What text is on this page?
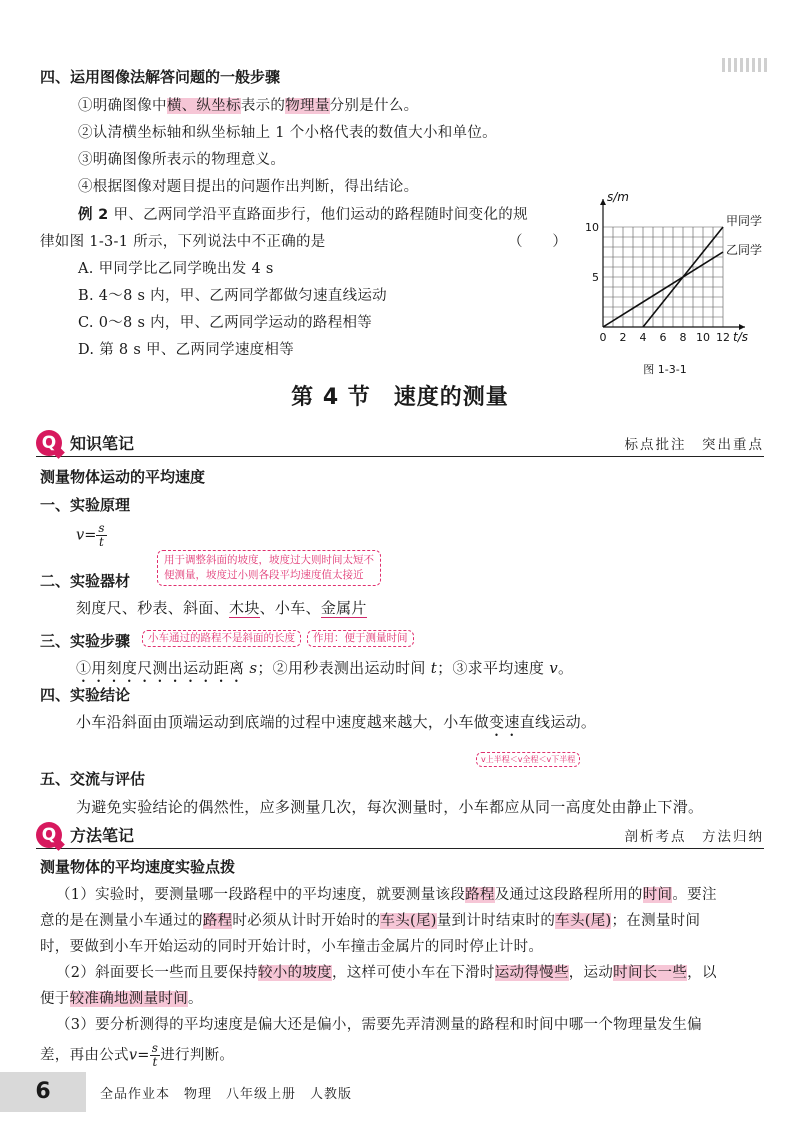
四、运用图像法解答问题的一般步骤
①明确图像中横、纵坐标表示的物理量分别是什么。
②认清横坐标轴和纵坐标轴上 1 个小格代表的数值大小和单位。
③明确图像所表示的物理意义。
④根据图像对题目提出的问题作出判断，得出结论。
例 2 甲、乙两同学沿平直路面步行，他们运动的路程随时间变化的规
律如图 1-3-1 所示，下列说法中不正确的是	（　　）
A. 甲同学比乙同学晚出发 4 s
B. 4～8 s 内，甲、乙两同学都做匀速直线运动
C. 0～8 s 内，甲、乙两同学运动的路程相等
D. 第 8 s 甲、乙两同学速度相等
0 2 4 6 8 10 12
5
10
s/m
t/s
甲同学
乙同学
图 1-3-1
第 4 节　速度的测量
Q 知识笔记	标点批注　突出重点
测量物体运动的平均速度
一、实验原理
$v= \frac{s}{t}$
用于调整斜面的坡度，坡度过大则时间太短不
便测量，坡度过小则各段平均速度值太接近
二、实验器材
刻度尺、秒表、斜面、木块、小车、金属片
三、实验步骤	小车通过的路程不是斜面的长度	作用：便于测量时间
①用刻度尺测出运动距离 s；②用秒表测出运动时间 t；③求平均速度 v。
四、实验结论
小车沿斜面由顶端运动到底端的过程中速度越来越大，小车做变速直线运动。
v上半程＜v全程＜v下半程
五、交流与评估
为避免实验结论的偶然性，应多测量几次，每次测量时，小车都应从同一高度处由静止下滑。
Q 方法笔记	剖析考点　方法归纳
测量物体的平均速度实验点拨
（1）实验时，要测量哪一段路程中的平均速度，就要测量该段路程及通过这段路程所用的时间。要注
意的是在测量小车通过的路程时必须从计时开始时的车头(尾)量到计时结束时的车头(尾)；在测量时间
时，要做到小车开始运动的同时开始计时，小车撞击金属片的同时停止计时。
（2）斜面要长一些而且要保持较小的坡度，这样可使小车在下滑时运动得慢些，运动时间长一些，以
便于较准确地测量时间。
（3）要分析测得的平均速度是偏大还是偏小，需要先弄清测量的路程和时间中哪一个物理量发生偏
差，再由公式$v= \frac{s}{t}$ 进行判断。
6	全品作业本　物理　八年级上册　人教版
